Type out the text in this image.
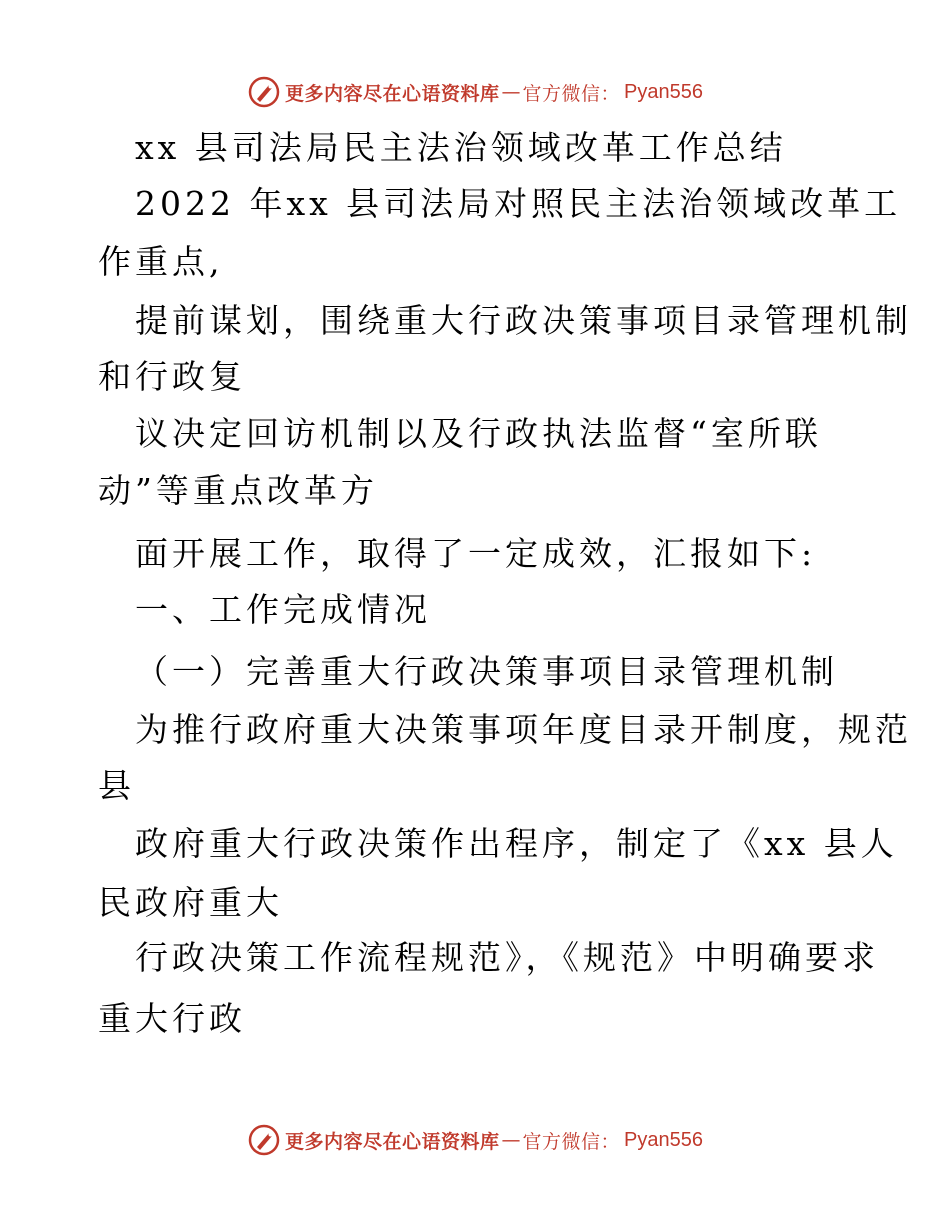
更多内容尽在心语资料库 — 官方微信： Pyan556
xx 县司法局民主法治领域改革工作总结
2022 年xx 县司法局对照民主法治领域改革工
作重点,
提前谋划，围绕重大行政决策事项目录管理机制
和行政复
议决定回访机制以及行政执法监督“室所联
动”等重点改革方
面开展工作，取得了一定成效，汇报如下:
一、工作完成情况
（一）完善重大行政决策事项目录管理机制
为推行政府重大决策事项年度目录开制度，规范
县
政府重大行政决策作出程序，制定了《xx 县人
民政府重大
行政决策工作流程规范》，《规范》中明确要求
重大行政
更多内容尽在心语资料库 — 官方微信： Pyan556
